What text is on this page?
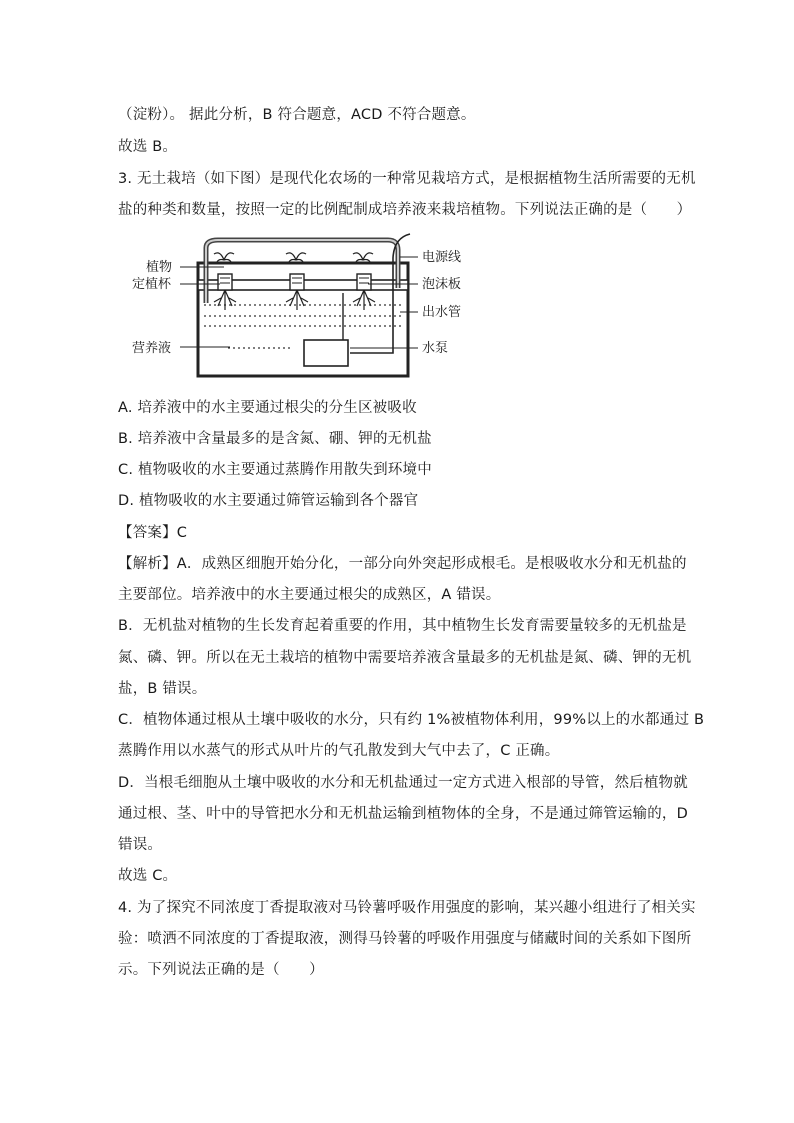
（淀粉）。 据此分析，B 符合题意，ACD 不符合题意。
故选 B。
3. 无土栽培（如下图）是现代化农场的一种常见栽培方式，是根据植物生活所需要的无机
盐的种类和数量，按照一定的比例配制成培养液来栽培植物。下列说法正确的是（　　）
植物
定植杯
营养液
电源线
泡沫板
出水管
水泵
A. 培养液中的水主要通过根尖的分生区被吸收
B. 培养液中含量最多的是含氮、硼、钾的无机盐
C. 植物吸收的水主要通过蒸腾作用散失到环境中
D. 植物吸收的水主要通过筛管运输到各个器官
【答案】C
【解析】A．成熟区细胞开始分化，一部分向外突起形成根毛。是根吸收水分和无机盐的
主要部位。培养液中的水主要通过根尖的成熟区，A 错误。
B．无机盐对植物的生长发育起着重要的作用，其中植物生长发育需要量较多的无机盐是
氮、磷、钾。所以在无土栽培的植物中需要培养液含量最多的无机盐是氮、磷、钾的无机
盐，B 错误。
C．植物体通过根从土壤中吸收的水分，只有约 1%被植物体利用，99%以上的水都通过 B
蒸腾作用以水蒸气的形式从叶片的气孔散发到大气中去了，C 正确。
D．当根毛细胞从土壤中吸收的水分和无机盐通过一定方式进入根部的导管，然后植物就
通过根、茎、叶中的导管把水分和无机盐运输到植物体的全身，不是通过筛管运输的，D
错误。
故选 C。
4. 为了探究不同浓度丁香提取液对马铃薯呼吸作用强度的影响，某兴趣小组进行了相关实
验：喷洒不同浓度的丁香提取液，测得马铃薯的呼吸作用强度与储藏时间的关系如下图所
示。下列说法正确的是（　　）
